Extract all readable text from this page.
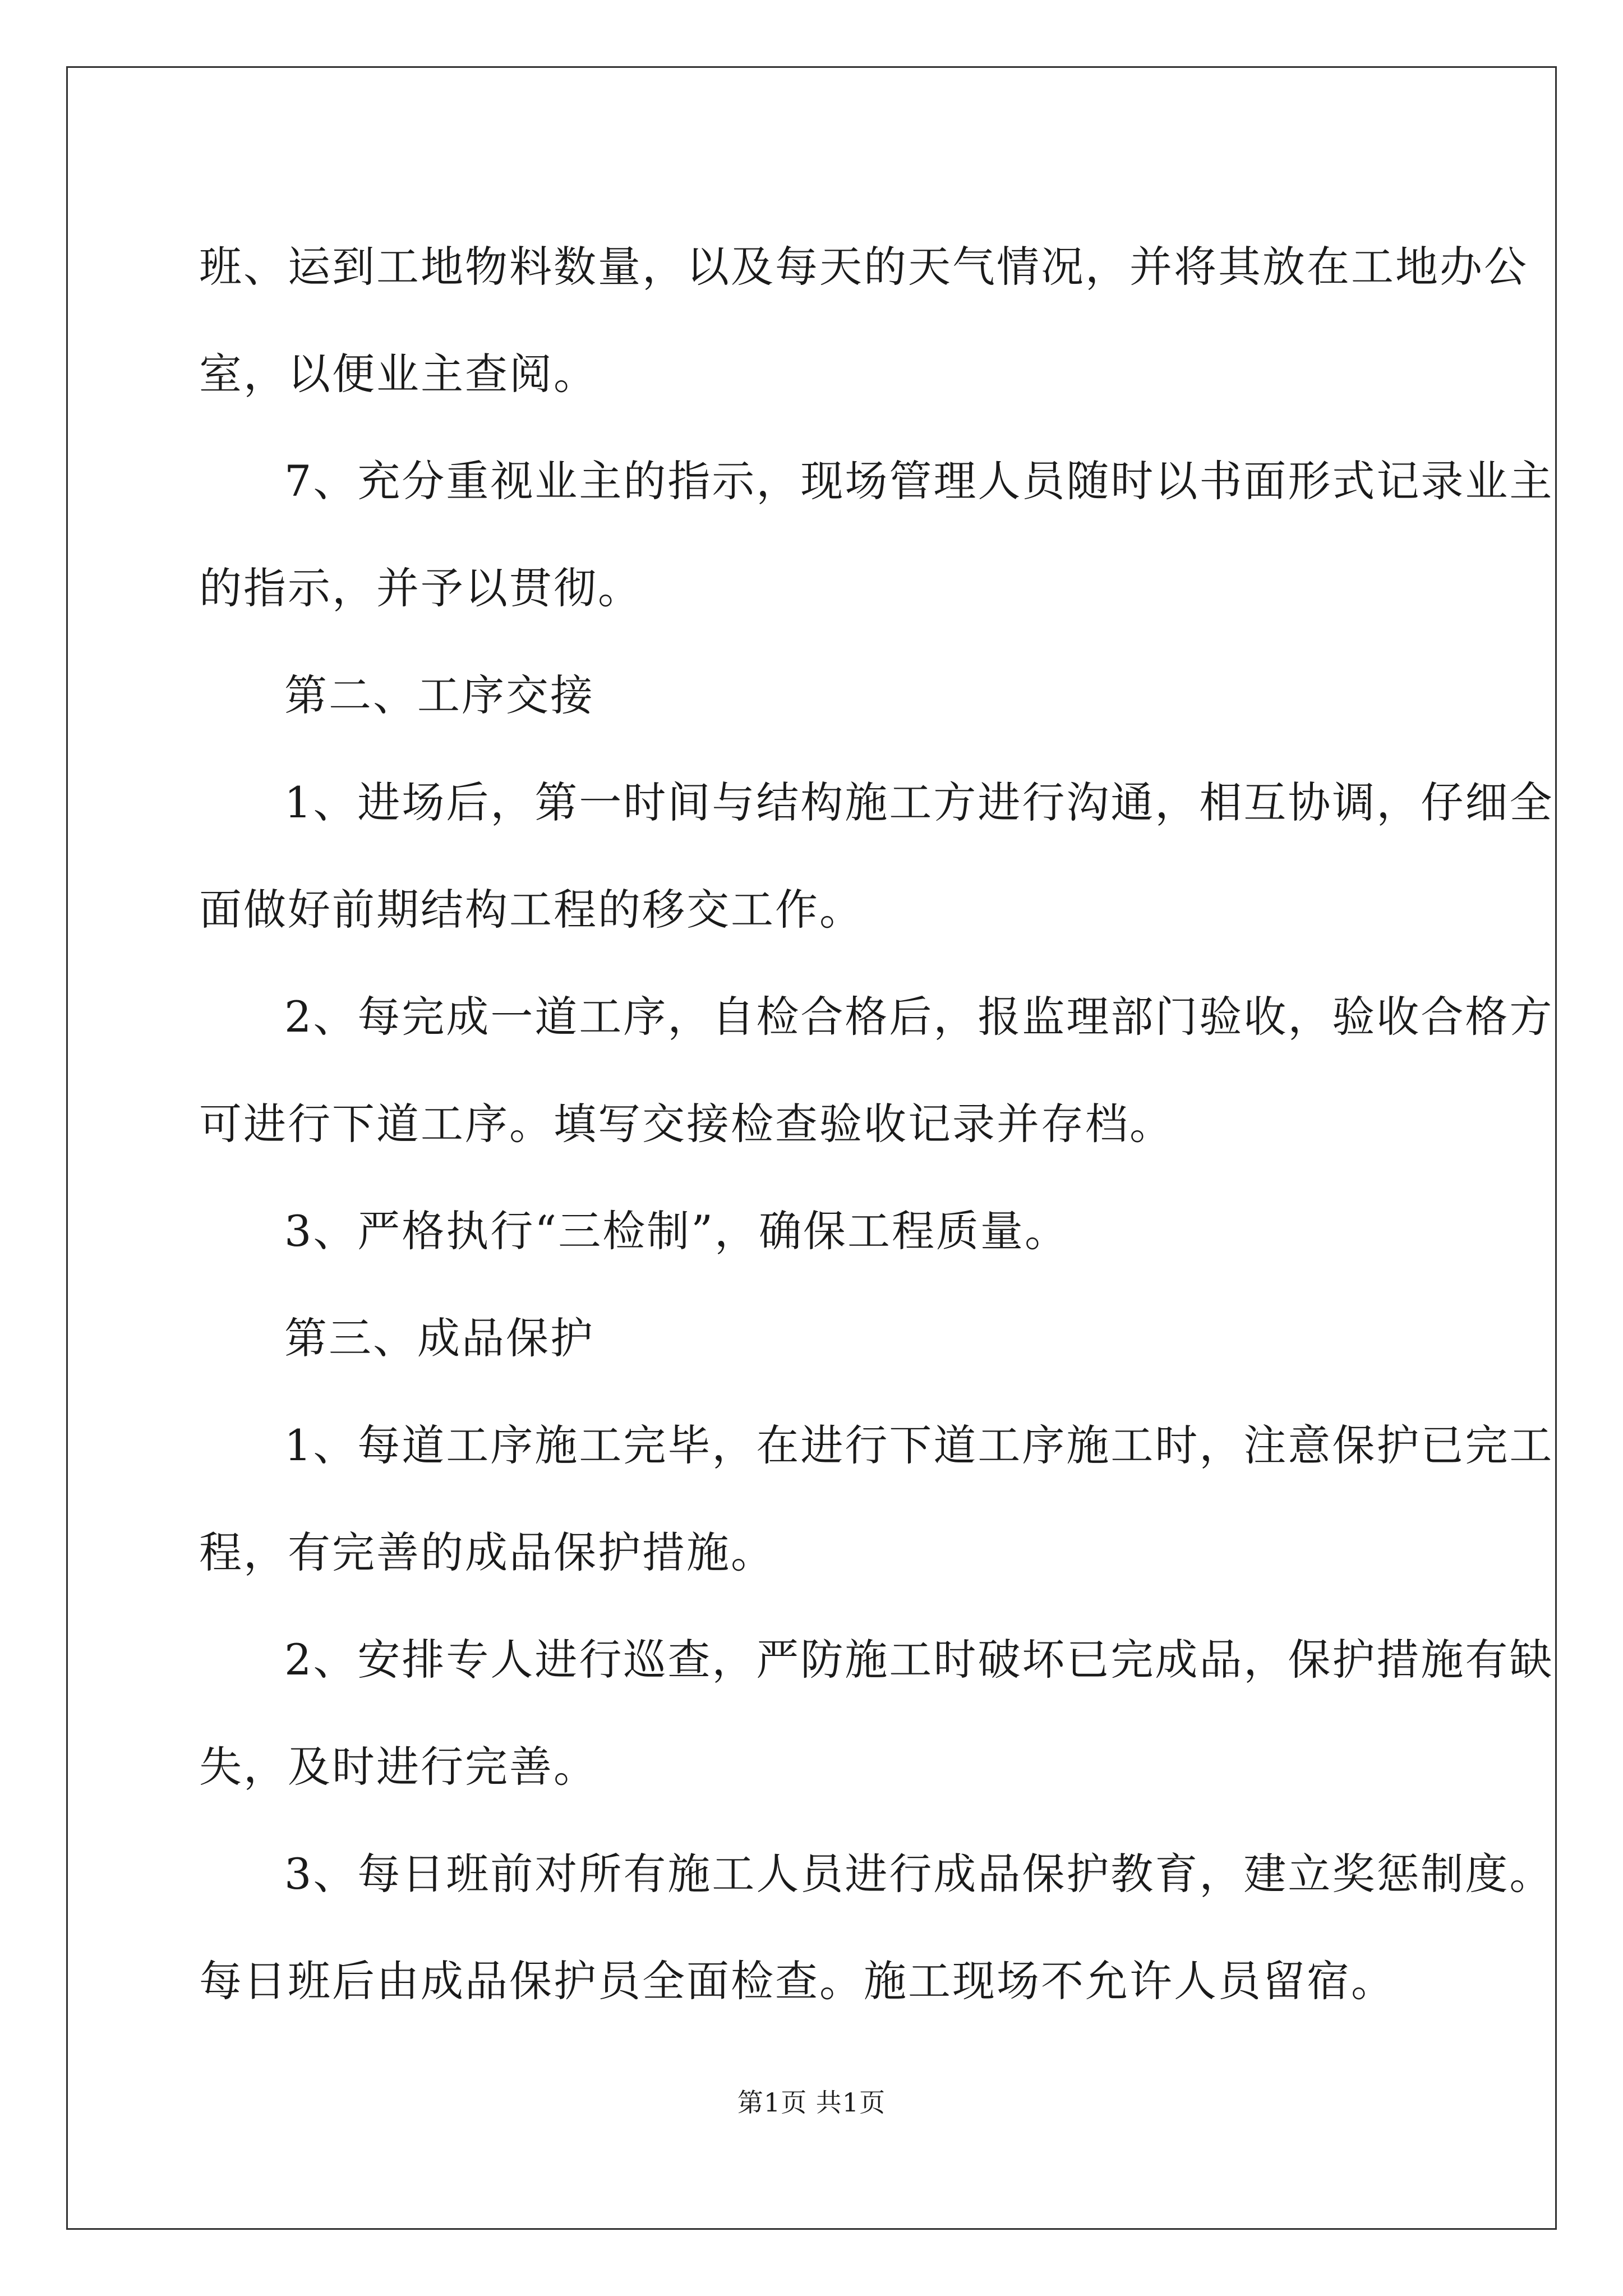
班、运到工地物料数量，以及每天的天气情况，并将其放在工地办公

室，以便业主查阅。

7、充分重视业主的指示，现场管理人员随时以书面形式记录业主

的指示，并予以贯彻。

第二、工序交接

1、进场后，第一时间与结构施工方进行沟通，相互协调，仔细全

面做好前期结构工程的移交工作。

2、每完成一道工序，自检合格后，报监理部门验收，验收合格方

可进行下道工序。填写交接检查验收记录并存档。

3、严格执行“三检制”，确保工程质量。

第三、成品保护

1、每道工序施工完毕，在进行下道工序施工时，注意保护已完工

程，有完善的成品保护措施。

2、安排专人进行巡查，严防施工时破坏已完成品，保护措施有缺

失，及时进行完善。

3、每日班前对所有施工人员进行成品保护教育，建立奖惩制度。

每日班后由成品保护员全面检查。施工现场不允许人员留宿。

第1页 共1页
